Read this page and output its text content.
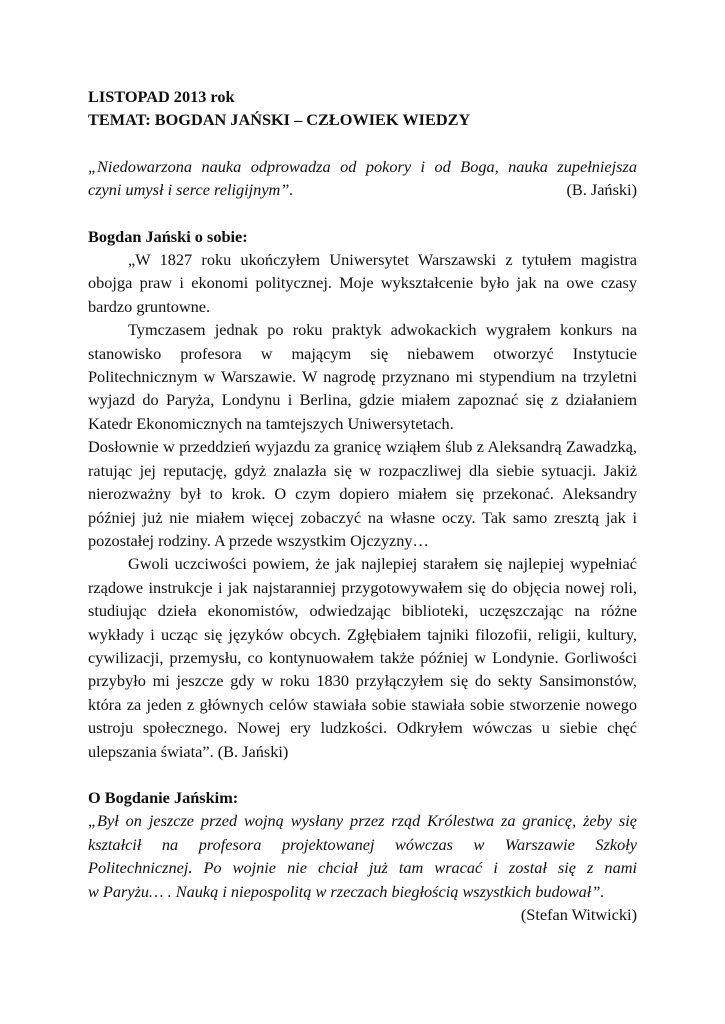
LISTOPAD 2013 rok
TEMAT: BOGDAN JAŃSKI – CZŁOWIEK WIEDZY
„Niedowarzona nauka odprowadza od pokory i od Boga, nauka zupełniejsza
czyni umysł i serce religijnym”.	(B. Jański)
Bogdan Jański o sobie:

„W 1827 roku ukończyłem Uniwersytet Warszawski z tytułem magistra obojga praw i ekonomi politycznej. Moje wykształcenie było jak na owe czasy bardzo gruntowne.

Tymczasem jednak po roku praktyk adwokackich wygrałem konkurs na stanowisko profesora w mającym się niebawem otworzyć Instytucie Politechnicznym w Warszawie. W nagrodę przyznano mi stypendium na trzyletni wyjazd do Paryża, Londynu i Berlina, gdzie miałem zapoznać się z działaniem Katedr Ekonomicznych na tamtejszych Uniwersytetach.

Dosłownie w przeddzień wyjazdu za granicę wziąłem ślub z Aleksandrą Zawadzką, ratując jej reputację, gdyż znalazła się w rozpaczliwej dla siebie sytuacji. Jakiż nierozważny był to krok. O czym dopiero miałem się przekonać. Aleksandry później już nie miałem więcej zobaczyć na własne oczy. Tak samo zresztą jak i pozostałej rodziny. A przede wszystkim Ojczyzny…

Gwoli uczciwości powiem, że jak najlepiej starałem się najlepiej wypełniać rządowe instrukcje i jak najstaranniej przygotowywałem się do objęcia nowej roli, studiując dzieła ekonomistów, odwiedzając biblioteki, uczęszczając na różne wykłady i ucząc się języków obcych. Zgłębiałem tajniki filozofii, religii, kultury, cywilizacji, przemysłu, co kontynuowałem także później w Londynie. Gorliwości przybyło mi jeszcze gdy w roku 1830 przyłączyłem się do sekty Sansimonstów, która za jeden z głównych celów stawiała sobie stawiała sobie stworzenie nowego ustroju społecznego. Nowej ery ludzkości. Odkryłem wówczas u siebie chęć ulepszania świata”. (B. Jański)

O Bogdanie Jańskim:
„Był on jeszcze przed wojną wysłany przez rząd Królestwa za granicę, żeby się
kształcił na profesora projektowanej wówczas w Warszawie Szkoły
Politechnicznej. Po wojnie nie chciał już tam wracać i został się z nami
w Paryżu… . Nauką i niepospolitą w rzeczach biegłością wszystkich budował”.
(Stefan Witwicki)
